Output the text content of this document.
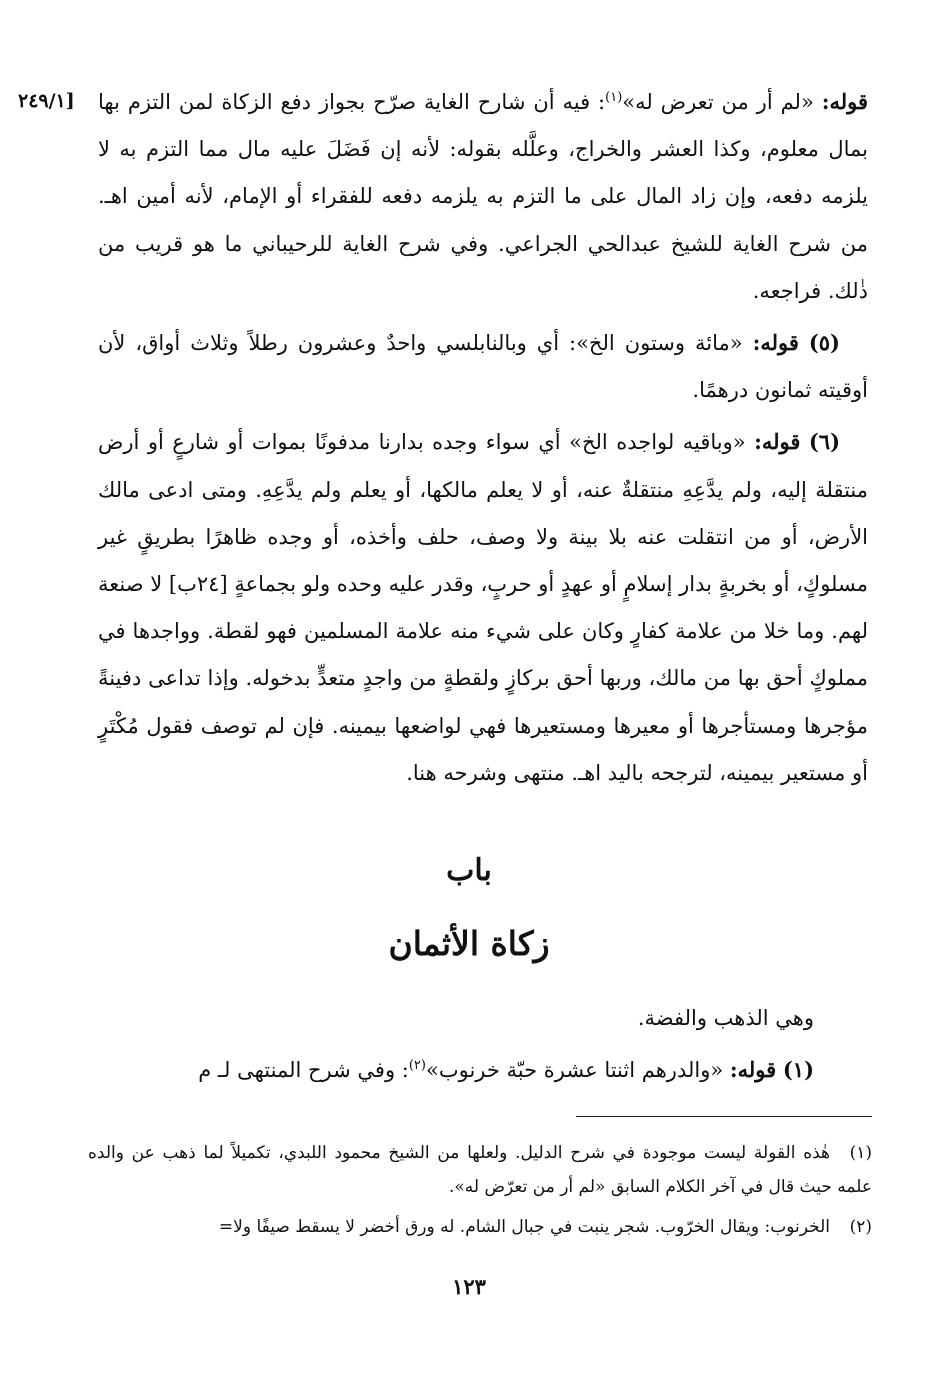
[٢٤٩/١	قوله: «لم أر من تعرض له»$^{(١)}$: فيه أن شارح الغاية صرّح بجواز دفع الزكاة لمن التزم بها بمال معلوم، وكذا العشر والخراج، وعلَّله بقوله: لأنه إن فَضَلَ عليه مال مما التزم به لا يلزمه دفعه، وإن زاد المال على ما التزم به يلزمه دفعه للفقراء أو الإمام، لأنه أمين اهـ. من شرح الغاية للشيخ عبدالحي الجراعي. وفي شرح الغاية للرحيباني ما هو قريب من ذٰلك. فراجعه.

(٥) قوله: «مائة وستون الخ»: أي وبالنابلسي واحدٌ وعشرون رطلاً وثلاث أواق، لأن أوقيته ثمانون درهمًا.

(٦) قوله: «وباقيه لواجده الخ» أي سواء وجده بدارنا مدفونًا بموات أو شارعٍ أو أرض منتقلة إليه، ولم يدَّعِهِ منتقلةٌ عنه، أو لا يعلم مالكها، أو يعلم ولم يدَّعِهِ. ومتى ادعى مالك الأرض، أو من انتقلت عنه بلا بينة ولا وصف، حلف وأخذه، أو وجده ظاهرًا بطريقٍ غير مسلوكٍ، أو بخربةٍ بدار إسلامٍ أو عهدٍ أو حربٍ، وقدر عليه وحده ولو بجماعةٍ [٢٤ب] لا صنعة لهم. وما خلا من علامة كفارٍ وكان على شيء منه علامة المسلمين فهو لقطة. وواجدها في مملوكٍ أحق بها من مالك، وربها أحق بركازٍ ولقطةٍ من واجدٍ متعدٍّ بدخوله. وإذا تداعى دفينةً مؤجرها ومستأجرها أو معيرها ومستعيرها فهي لواضعها بيمينه. فإن لم توصف فقول مُكْتَرٍ أو مستعير بيمينه، لترجحه باليد اهـ. منتهى وشرحه هنا.

باب
زكاة الأثمان

وهي الذهب والفضة.

(١) قوله: «والدرهم اثنتا عشرة حبّة خرنوب»$^{(٢)}$: وفي شرح المنتهى لـ م

(١)هٰذه القولة ليست موجودة في شرح الدليل. ولعلها من الشيخ محمود اللبدي، تكميلاً لما ذهب عن والده علمه حيث قال في آخر الكلام السابق «لم أر من تعرّض له».

(٢)الخرنوب: ويقال الخرّوب. شجر ينبت في جبال الشام. له ورق أخضر لا يسقط صيفًا ولا=

١٢٣
